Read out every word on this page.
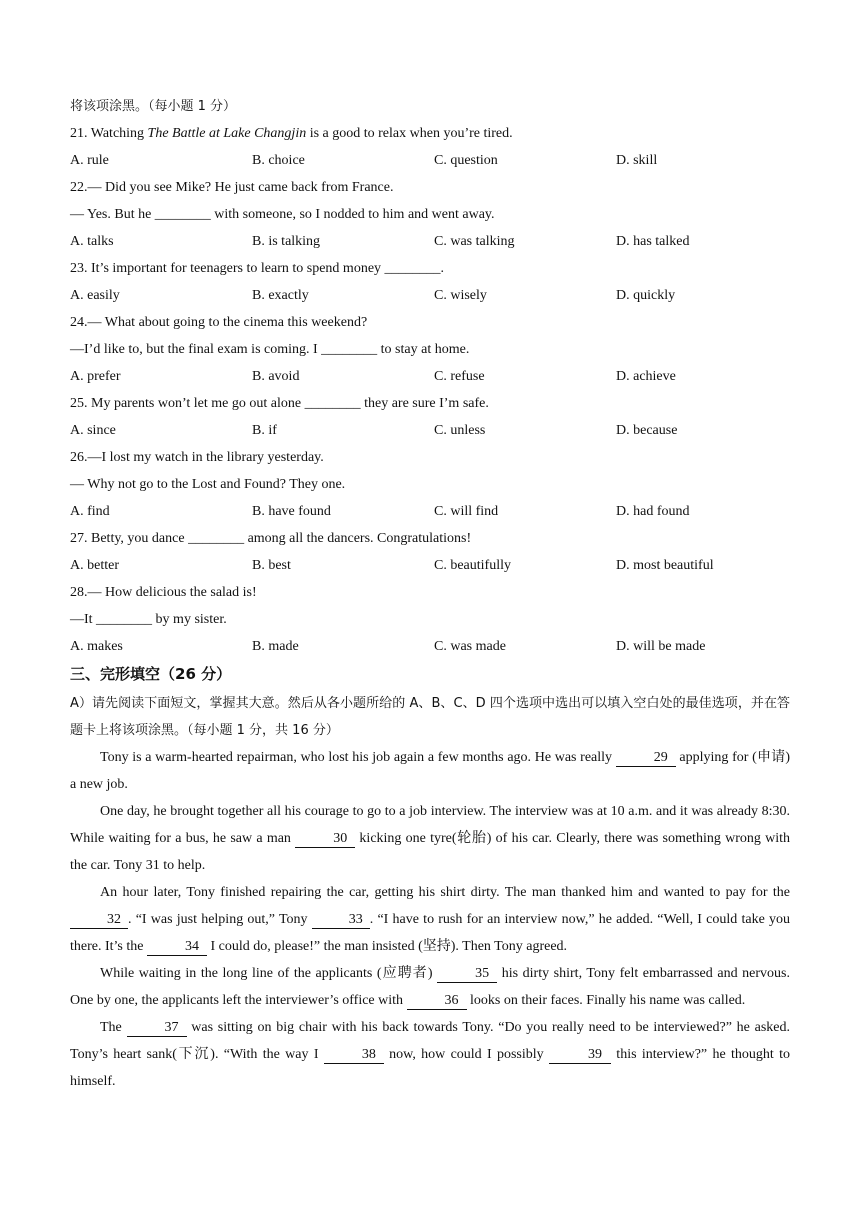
将该项涂黑。（每小题 1 分）
21. Watching The Battle at Lake Changjin is a good to relax when you’re tired.
A. rule	B. choice	C. question	D. skill
22.— Did you see Mike? He just came back from France.
— Yes. But he ________ with someone, so I nodded to him and went away.
A. talks	B. is talking	C. was talking	D. has talked
23. It’s important for teenagers to learn to spend money ________.
A. easily	B. exactly	C. wisely	D. quickly
24.— What about going to the cinema this weekend?
—I’d like to, but the final exam is coming. I ________ to stay at home.
A. prefer	B. avoid	C. refuse	D. achieve
25. My parents won’t let me go out alone ________ they are sure I’m safe.
A. since	B. if	C. unless	D. because
26.—I lost my watch in the library yesterday.
— Why not go to the Lost and Found? They one.
A. find	B. have found	C. will find	D. had found
27. Betty, you dance ________ among all the dancers. Congratulations!
A. better	B. best	C. beautifully	D. most beautiful
28.— How delicious the salad is!
—It ________ by my sister.
A. makes	B. made	C. was made	D. will be made
三、完形填空（26 分）
A）请先阅读下面短文，掌握其大意。然后从各小题所给的 A、B、C、D 四个选项中选出可以填入空白处的最佳选项，并在答题卡上将该项涂黑。（每小题 1 分，共 16 分）
Tony is a warm-hearted repairman, who lost his job again a few months ago. He was really	29 applying for (申请) a new job.
One day, he brought together all his courage to go to a job interview. The interview was at 10 a.m. and it was already 8:30. While waiting for a bus, he saw a man	30 kicking one tyre(轮胎) of his car. Clearly, there was something wrong with the car. Tony 31 to help.
An hour later, Tony finished repairing the car, getting his shirt dirty. The man thanked him and wanted to pay for the 32 . “I was just helping out,” Tony	33 . “I have to rush for an interview now,” he added. “Well, I could take you there. It’s the	34 I could do, please!” the man insisted (坚持). Then Tony agreed.
While waiting in the long line of the applicants (应聘者)	35 his dirty shirt, Tony felt embarrassed and nervous. One by one, the applicants left the interviewer’s office with	36 looks on their faces. Finally his name was called.
The	37 was sitting on big chair with his back towards Tony. “Do you really need to be interviewed?” he asked. Tony’s heart sank(下沉). “With the way I	38 now, how could I possibly	39 this interview?” he thought to himself.
